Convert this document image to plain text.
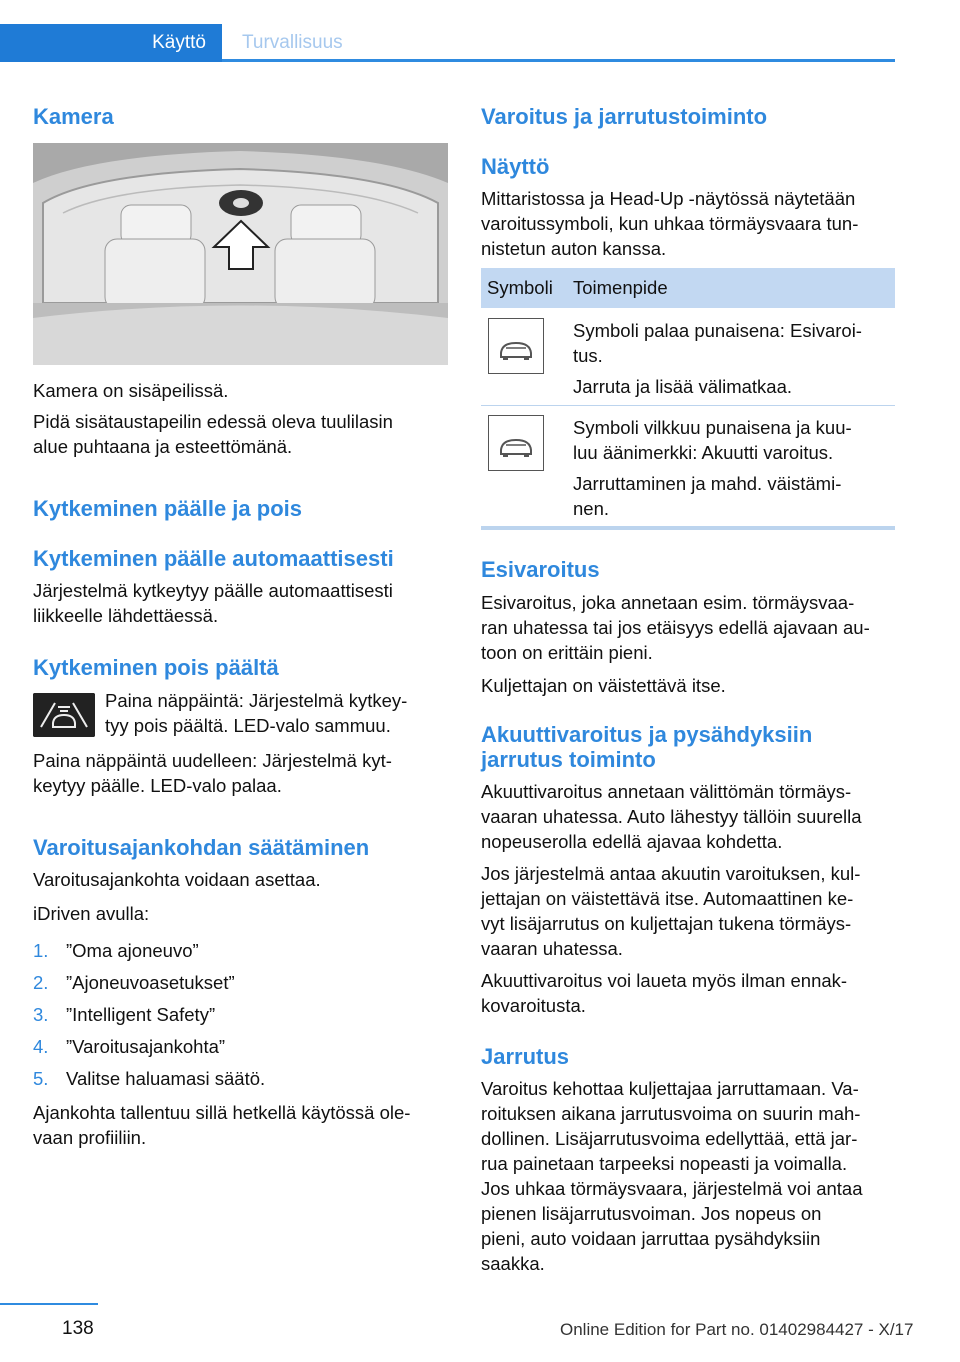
Käyttö Turvallisuus
Kamera

Kamera on sisäpeilissä.

Pidä sisätaustapeilin edessä oleva tuulilasin

alue puhtaana ja esteettömänä.

Kytkeminen päälle ja pois
Kytkeminen päälle automaattisesti

Järjestelmä kytkeytyy päälle automaattisesti

liikkeelle lähdettäessä.

Kytkeminen pois päältä

Paina näppäintä: Järjestelmä kytkey‐

tyy pois päältä. LED-valo sammuu.

Paina näppäintä uudelleen: Järjestelmä kyt‐

keytyy päälle. LED-valo palaa.

Varoitusajankohdan säätäminen

Varoitusajankohta voidaan asettaa.

iDriven avulla:

1. ”Oma ajoneuvo”
2. ”Ajoneuvoasetukset”
3. ”Intelligent Safety”
4. ”Varoitusajankohta”
5. Valitse haluamasi säätö.

Ajankohta tallentuu sillä hetkellä käytössä ole‐

vaan profiiliin.

Varoitus ja jarrutustoiminto
Näyttö

Mittaristossa ja Head-Up -näytössä näytetään

varoitussymboli, kun uhkaa törmäysvaara tun‐

nistetun auton kanssa.

Esivaroitus

Esivaroitus, joka annetaan esim. törmäysvaa‐

ran uhatessa tai jos etäisyys edellä ajavaan au‐

toon on erittäin pieni.

Kuljettajan on väistettävä itse.

Akuuttivaroitus ja pysähdyksiin
jarrutus toiminto

Akuuttivaroitus annetaan välittömän törmäys‐

vaaran uhatessa. Auto lähestyy tällöin suurella

nopeuserolla edellä ajavaa kohdetta.

Jos järjestelmä antaa akuutin varoituksen, kul‐

jettajan on väistettävä itse. Automaattinen ke‐

vyt lisäjarrutus on kuljettajan tukena törmäys‐

vaaran uhatessa.

Akuuttivaroitus voi laueta myös ilman ennak‐

kovaroitusta.

Jarrutus

Varoitus kehottaa kuljettajaa jarruttamaan. Va‐

roituksen aikana jarrutusvoima on suurin mah‐

dollinen. Lisäjarrutusvoima edellyttää, että jar‐

rua painetaan tarpeeksi nopeasti ja voimalla.

Jos uhkaa törmäysvaara, järjestelmä voi antaa

pienen lisäjarrutusvoiman. Jos nopeus on

pieni, auto voidaan jarruttaa pysähdyksiin

saakka.

Symboli Toimenpide

Symboli palaa punaisena: Esivaroi‐

tus.

Jarruta ja lisää välimatkaa.

Symboli vilkkuu punaisena ja kuu‐

luu äänimerkki: Akuutti varoitus.

Jarruttaminen ja mahd. väistämi‐

nen.

138	Online Edition for Part no. 01402984427 - X/17
